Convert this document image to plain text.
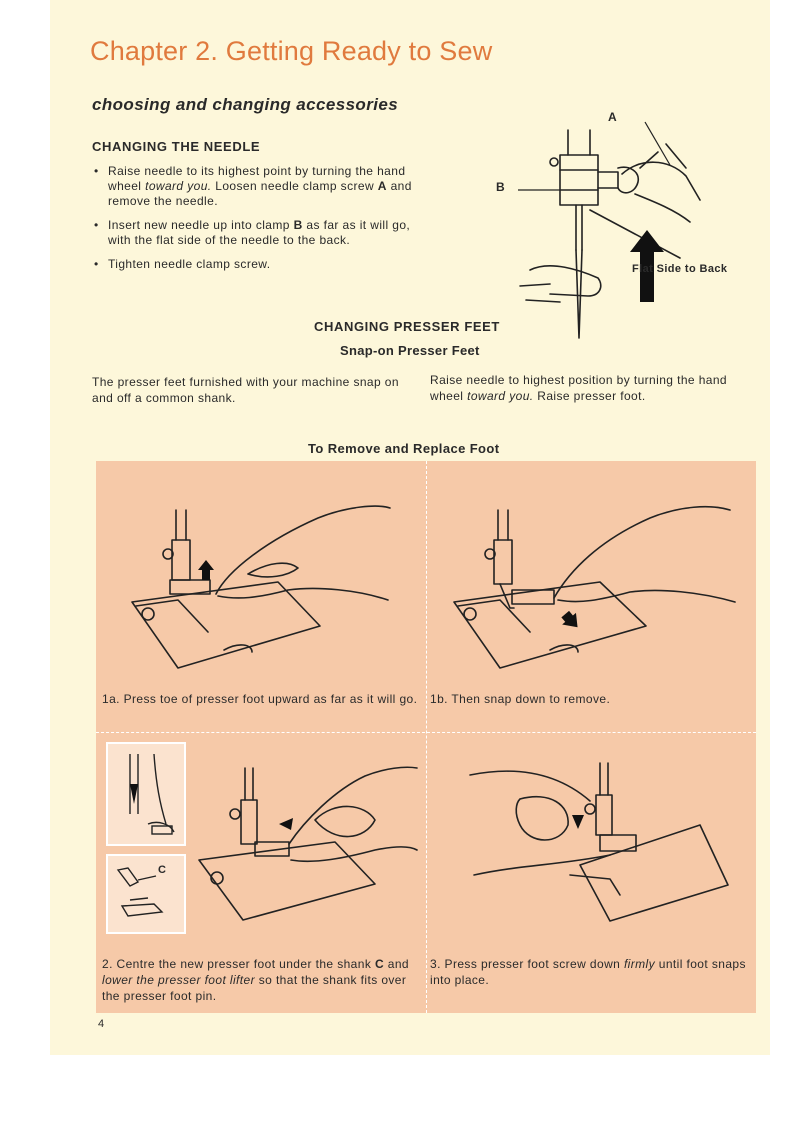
Chapter 2. Getting Ready to Sew
choosing and changing accessories
CHANGING THE NEEDLE
• Raise needle to its highest point by turning the hand wheel toward you. Loosen needle clamp screw A and remove the needle.
• Insert new needle up into clamp B as far as it will go, with the flat side of the needle to the back.
• Tighten needle clamp screw.
A
B
Flat Side to Back
CHANGING PRESSER FEET
Snap-on Presser Feet

The presser feet furnished with your machine snap on and off a common shank.

Raise needle to highest position by turning the hand wheel toward you. Raise presser foot.

To Remove and Replace Foot

1a. Press toe of presser foot upward as far as it will go.	1b. Then snap down to remove.

C

2. Centre the new presser foot under the shank C and lower the presser foot lifter so that the shank fits over the presser foot pin.

3. Press presser foot screw down firmly until foot snaps into place.

4
